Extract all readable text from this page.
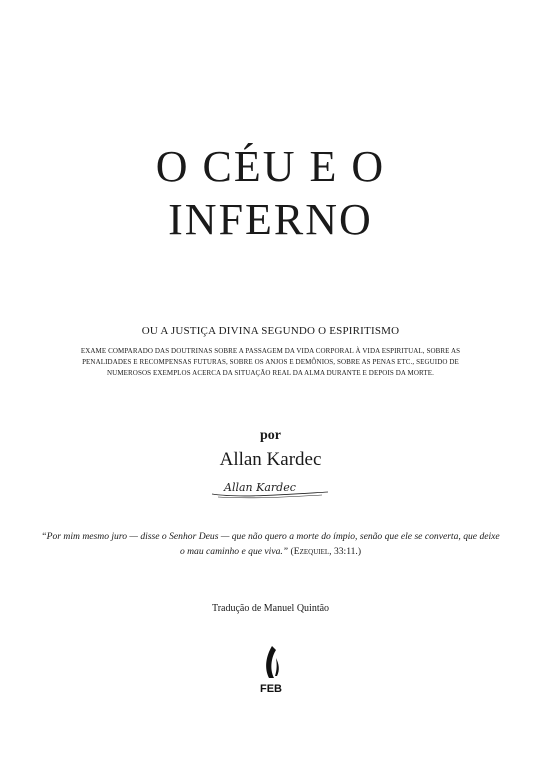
O CÉU E O
INFERNO
OU A JUSTIÇA DIVINA SEGUNDO O ESPIRITISMO
EXAME COMPARADO DAS DOUTRINAS SOBRE A PASSAGEM DA VIDA CORPORAL À VIDA ESPIRITUAL, SOBRE AS PENALIDADES E RECOMPENSAS FUTURAS, SOBRE OS ANJOS E DEMÔNIOS, SOBRE AS PENAS ETC., SEGUIDO DE NUMEROSOS EXEMPLOS ACERCA DA SITUAÇÃO REAL DA ALMA DURANTE E DEPOIS DA MORTE.
por
Allan Kardec
Allan Kardec
“Por mim mesmo juro — disse o Senhor Deus — que não quero a morte do ímpio, senão que ele se converta, que deixe o mau caminho e que viva.” (Ezequiel, 33:11.)
Tradução de Manuel Quintão
FEB
